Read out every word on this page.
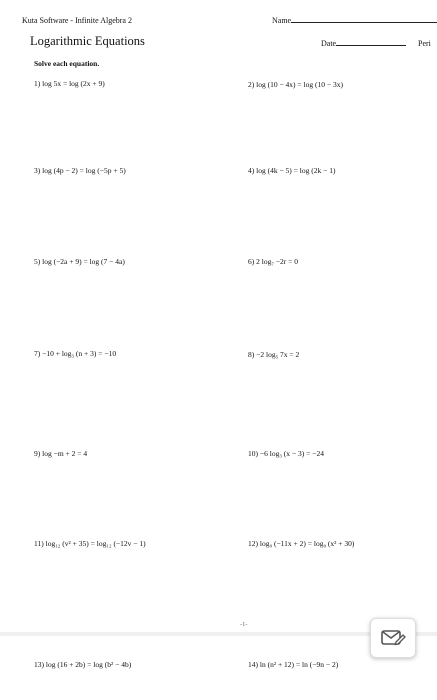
Kuta Software - Infinite Algebra 2	Name
Logarithmic Equations	Date	Peri
Solve each equation.
1) log 5x = log (2x + 9)
3) log (4p − 2) = log (−5p + 5)
5) log (−2a + 9) = log (7 − 4a)
7) −10 + log₃ (n + 3) = −10
9) log −m + 2 = 4
11) log₁₂ (v² + 35) = log₁₂ (−12v − 1)
2) log (10 − 4x) = log (10 − 3x)
4) log (4k − 5) = log (2k − 1)
6) 2 log₇ −2r = 0
8) −2 log₅ 7x = 2
10) −6 log₃ (x − 3) = −24
12) log₉ (−11x + 2) = log₉ (x² + 30)
-1-
13) log (16 + 2b) = log (b² − 4b)	14) ln (n² + 12) = ln (−9n − 2)
